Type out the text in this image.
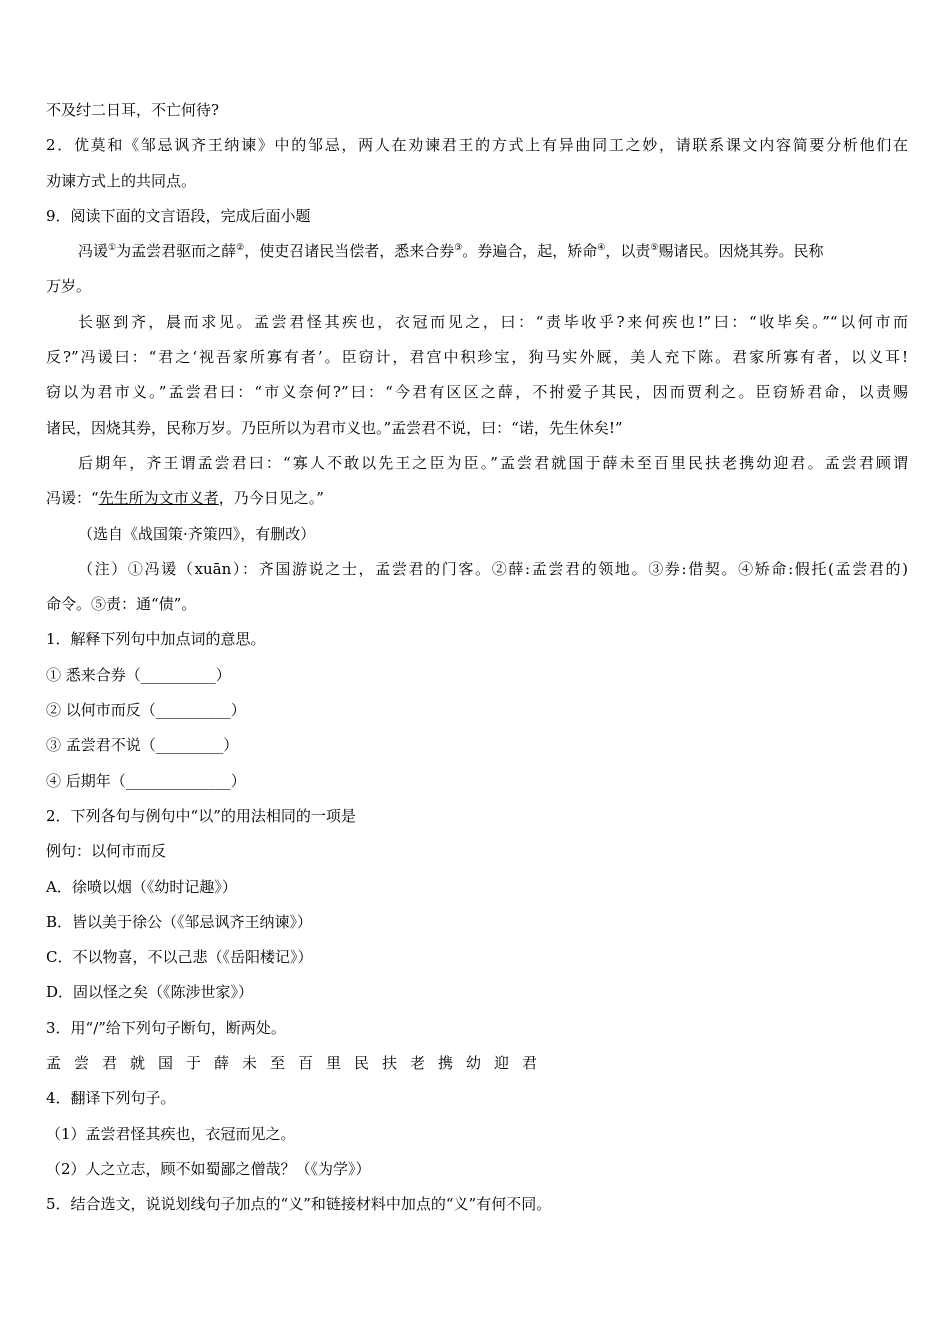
不及纣二日耳，不亡何待?
2．优莫和《邹忌讽齐王纳谏》中的邹忌，两人在劝谏君王的方式上有异曲同工之妙，请联系课文内容简要分析他们在
劝谏方式上的共同点。
9．阅读下面的文言语段，完成后面小题
冯谖①为孟尝君驱而之薛②，使吏召诸民当偿者，悉来合券③。券遍合，起，矫命④，以责⑤赐诸民。因烧其券。民称
万岁。
长驱到齐，晨而求见。孟尝君怪其疾也，衣冠而见之，曰：“责毕收乎?来何疾也!”曰：“收毕矣。”“以何市而
反?”冯谖曰：“君之‘视吾家所寡有者’。臣窃计，君宫中积珍宝，狗马实外厩，美人充下陈。君家所寡有者，以义耳!
窃以为君市义。”孟尝君曰：“市义奈何?”曰：“今君有区区之薛，不拊爱子其民，因而贾利之。臣窃矫君命，以责赐
诸民，因烧其券，民称万岁。乃臣所以为君市义也。”孟尝君不说，曰：“诺，先生休矣!”
后期年，齐王谓孟尝君曰：“寡人不敢以先王之臣为臣。”孟尝君就国于薛未至百里民扶老携幼迎君。孟尝君顾谓
冯谖：“先生所为文市义者，乃今日见之。”
（选自《战国策·齐策四》，有删改）
（注）①冯谖（xuān）：齐国游说之士，孟尝君的门客。②薛:孟尝君的领地。③券:借契。④矫命:假托(孟尝君的)
命令。⑤责：通“债”。
1．解释下列句中加点词的意思。
① 悉来合券（__________）
② 以何市而反（__________）
③ 孟尝君不说（_________）
④ 后期年（______________）
2．下列各句与例句中“以”的用法相同的一项是
例句：以何市而反
A．徐喷以烟（《幼时记趣》）
B．皆以美于徐公（《邹忌讽齐王纳谏》）
C．不以物喜，不以己悲（《岳阳楼记》）
D．固以怪之矣（《陈涉世家》）
3．用“/”给下列句子断句，断两处。
孟尝君就国于薛未至百里民扶老携幼迎君
4．翻译下列句子。
（1）孟尝君怪其疾也，衣冠而见之。
（2）人之立志，顾不如蜀鄙之僧哉？（《为学》）
5．结合选文，说说划线句子加点的“义”和链接材料中加点的“义”有何不同。
